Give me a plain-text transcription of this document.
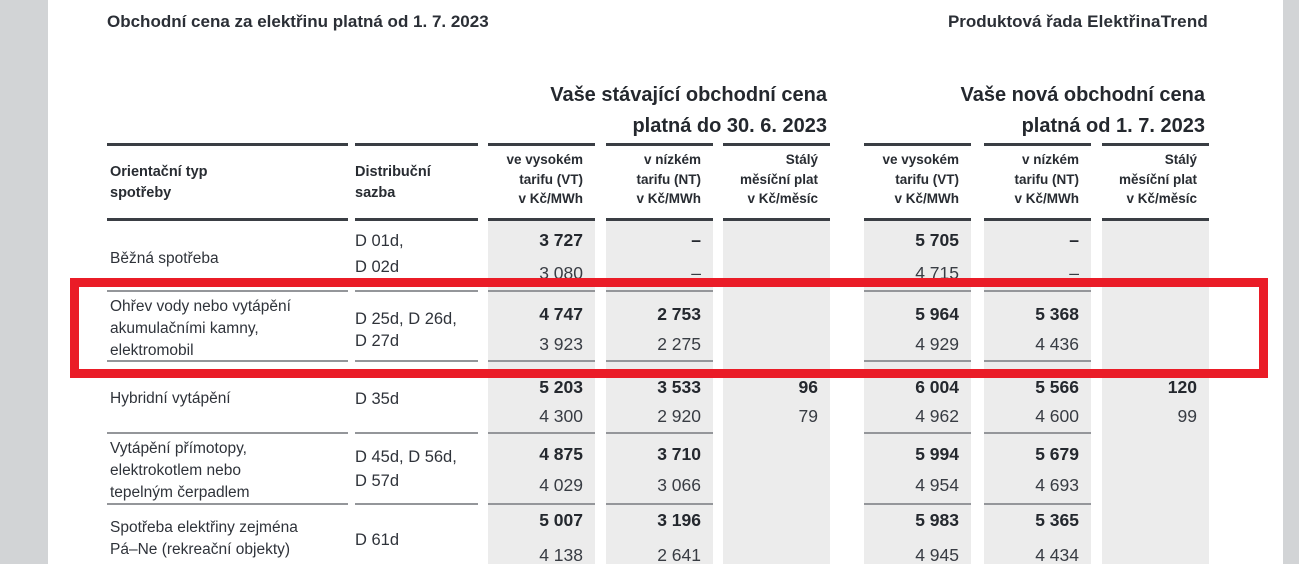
Obchodní cena za elektřinu platná od 1. 7. 2023	Produktová řada ElektřinaTrend
Vaše stávající obchodní cena
platná do 30. 6. 2023
Vaše nová obchodní cena
platná od 1. 7. 2023
Orientační typ
spotřeby
Distribuční
sazba
ve vysokém
tarifu (VT)
v Kč/MWh
v nízkém
tarifu (NT)
v Kč/MWh
Stálý
měsíční plat
v Kč/měsíc
ve vysokém
tarifu (VT)
v Kč/MWh
v nízkém
tarifu (NT)
v Kč/MWh
Stálý
měsíční plat
v Kč/měsíc
Běžná spotřeba
D 01d,
D 02d
3 727
3 080
–
–
5 705
4 715
–
–
Ohřev vody nebo vytápění
akumulačními kamny,
elektromobil
D 25d, D 26d,
D 27d
4 747
3 923
2 753
2 275
5 964
4 929
5 368
4 436
Hybridní vytápění	D 35d
5 203
4 300
3 533
2 920
96
79
6 004
4 962
5 566
4 600
120
99
Vytápění přímotopy,
elektrokotlem nebo
tepelným čerpadlem
D 45d, D 56d,
D 57d
4 875
4 029
3 710
3 066
5 994
4 954
5 679
4 693
Spotřeba elektřiny zejména
Pá–Ne (rekreační objekty)
D 61d
5 007
4 138
3 196
2 641
5 983
4 945
5 365
4 434
